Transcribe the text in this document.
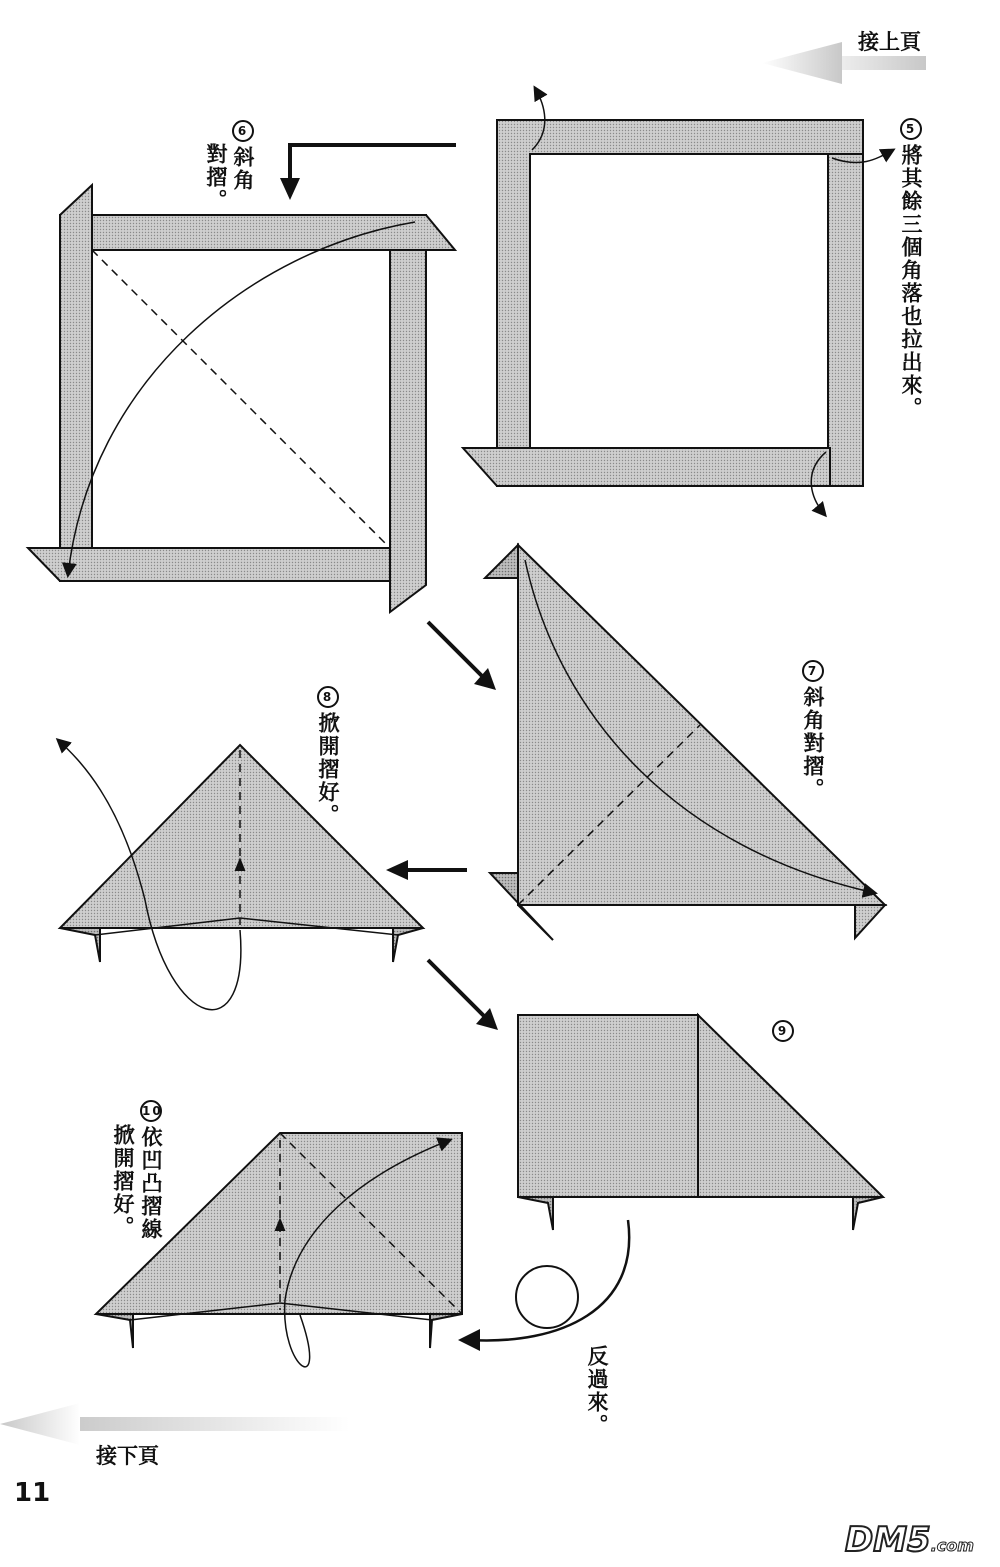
接上頁
接下頁
5將其餘三個角落也拉出來。
6斜角
對摺。
7斜角對摺。
8掀開摺好。
9
10依凹凸摺線
掀開摺好。
反過來。
11
DM5.com
